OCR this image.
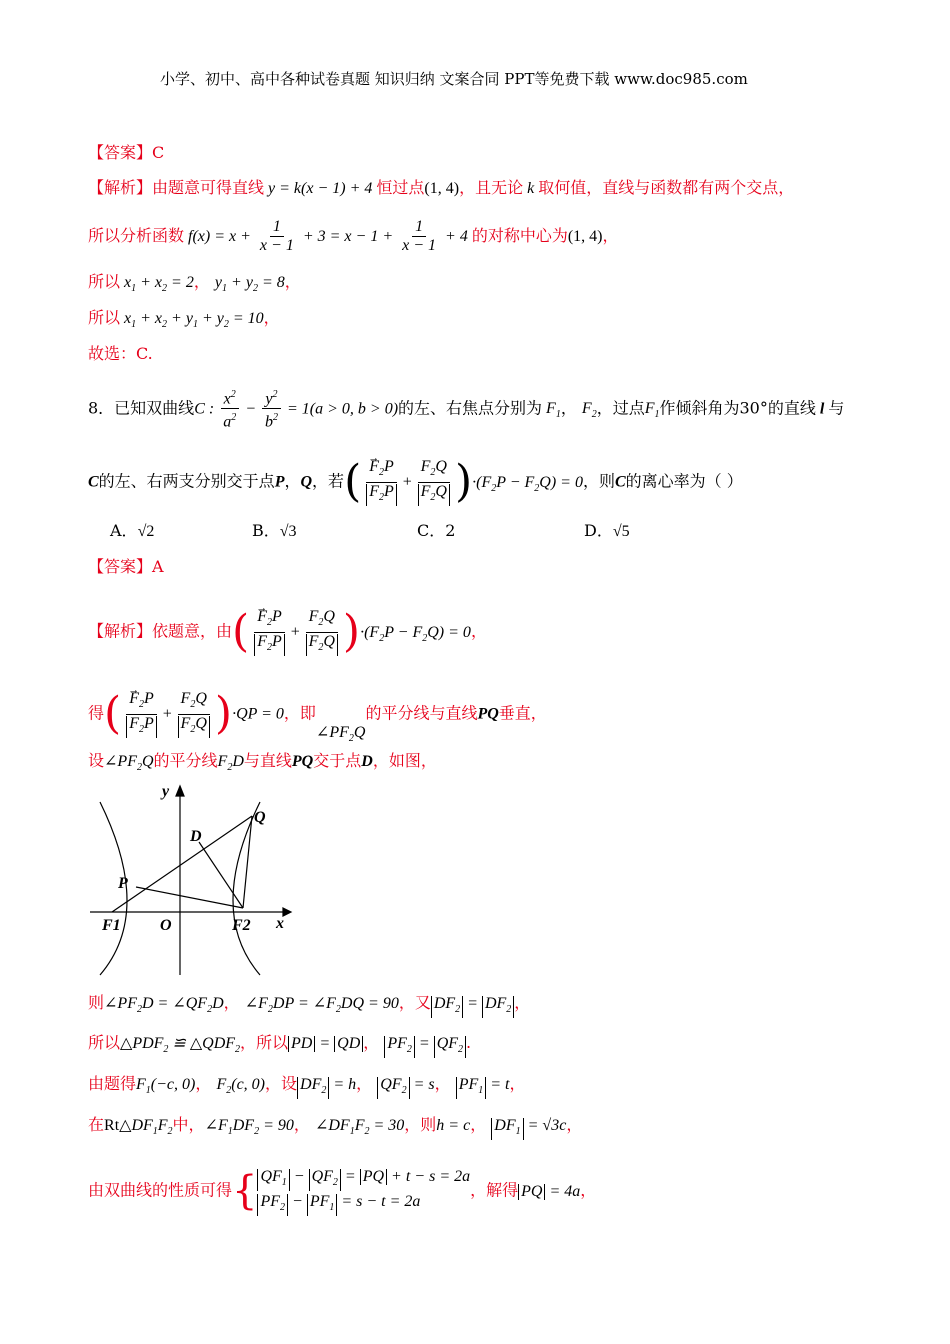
小学、初中、高中各种试卷真题 知识归纳 文案合同 PPT等免费下载 www.doc985.com
【答案】C
【解析】由题意可得直线 y = k(x − 1) + 4 恒过点(1, 4)，且无论 k 取何值，直线与函数都有两个交点，
所以分析函数 $f(x) = x + \frac{1}{x - 1} + 3 = x - 1 + \frac{1}{x - 1} + 4$ 的对称中心为(1, 4)，
所以 $x_1 + x_2 = 2$， $y_1 + y_2 = 8$，
所以 $x_1 + x_2 + y_1 + y_2 = 10$，
故选：C.
8．已知双曲线C : $\frac{x^2}{a^2} - \frac{y^2}{b^2} = 1(a > 0$, b > 0)的左、右焦点分别为 $F_1$， $F_2$，过点$F_1$作倾斜角为30°的直线 l 与
C的左、右两支分别交于点P，Q，若( → $\frac{F_2P}{F_2P} + \frac{F_2Q}{F_2Q} )\cdot(F_2P - F_2Q) = 0$，则C的离心率为（ ）
A．√2	B．√3	C．2	D．√5
【答案】A
【解析】依题意，由( → $\frac{F_2P}{F_2P} + \frac{F_2Q}{F_2Q} )\cdot(F_2P - F_2Q) = 0$，
得( → $\frac{F_2P}{F_2P} + \frac{F_2Q}{F_2Q} )\cdot QP = 0$，即$\angle PF_2Q$的平分线与直线PQ垂直，
设$\angle PF_2Q$的平分线$F_2D$与直线PQ交于点D，如图，
y
D
Q
P
F1 O	F2 x
则$\angle PF_2D$ = $\angle QF_2D$， $\angle F_2DP$ = $\angle F_2DQ = 90$，又 $DF_2 = DF_2$ ，
所以$\triangle PDF_2$ ≌ $\triangle QDF_2$，所以 PD = QD ， $PF_2 = QF_2$ .
由题得$F_1(-c$, 0)， $F_2(c$, 0)，设 $DF_2 = h$， $QF_2 = s$， $PF_1 = t$，
在$Rt\triangle DF_1F_2$中，$\angle F_1DF_2 = 90$， $\angle DF_1F_2 = 30$，则h = c， $DF_1 = √3c$，
由双曲线的性质可得{ $QF_1 - QF_2$ = PQ + t − s = 2a
$PF_2 - PF_1 = s - t = 2a$
，解得 PQ = 4a，
